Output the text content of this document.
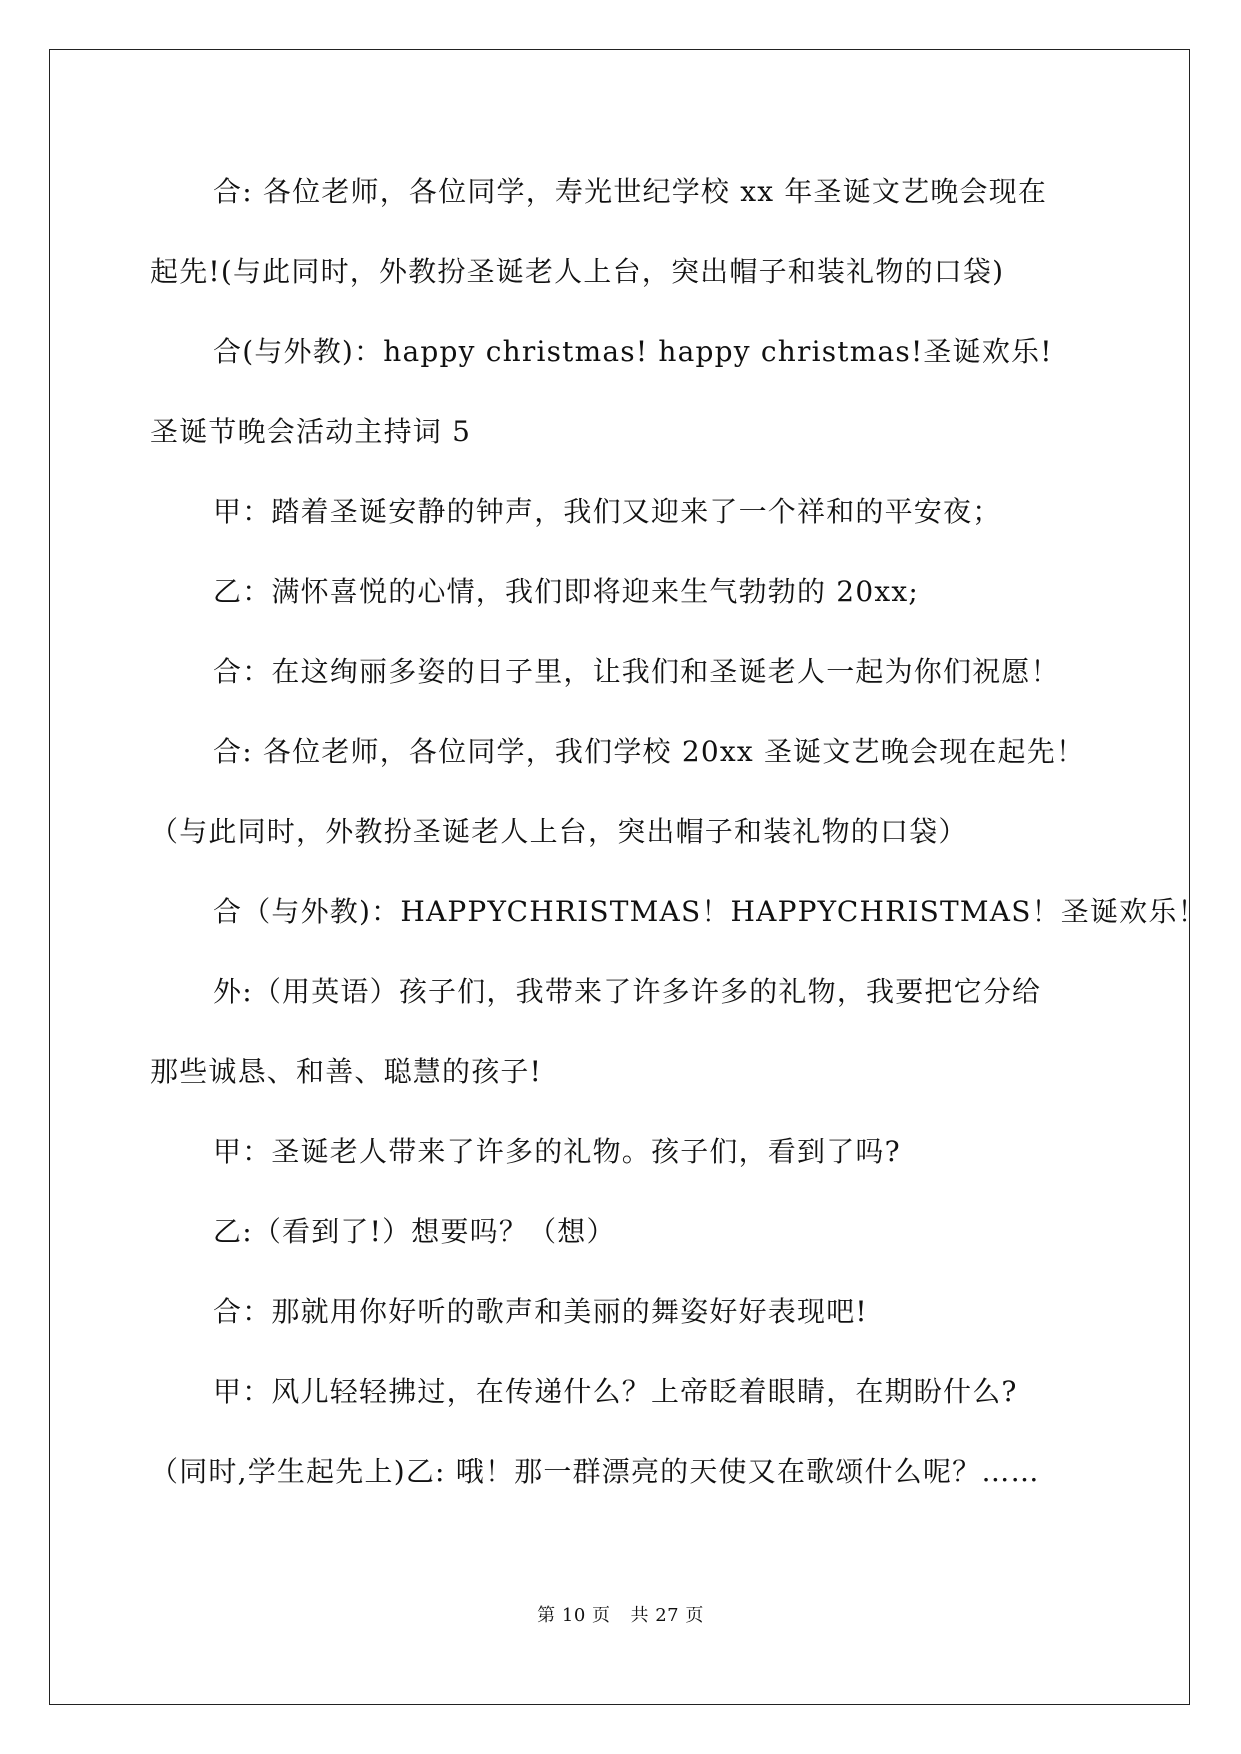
合: 各位老师，各位同学，寿光世纪学校 xx 年圣诞文艺晚会现在

起先!(与此同时，外教扮圣诞老人上台，突出帽子和装礼物的口袋)

合(与外教)：happy christmas! happy christmas!圣诞欢乐!

圣诞节晚会活动主持词 5

甲：踏着圣诞安静的钟声，我们又迎来了一个祥和的平安夜；

乙：满怀喜悦的心情，我们即将迎来生气勃勃的 20xx;

合：在这绚丽多姿的日子里，让我们和圣诞老人一起为你们祝愿！

合: 各位老师，各位同学，我们学校 20xx 圣诞文艺晚会现在起先！

（与此同时，外教扮圣诞老人上台，突出帽子和装礼物的口袋）

合（与外教)：HAPPYCHRISTMAS！HAPPYCHRISTMAS！圣诞欢乐！

外:（用英语）孩子们，我带来了许多许多的礼物，我要把它分给

那些诚恳、和善、聪慧的孩子!

甲：圣诞老人带来了许多的礼物。孩子们，看到了吗?

乙:（看到了!）想要吗？（想）

合：那就用你好听的歌声和美丽的舞姿好好表现吧!

甲：风儿轻轻拂过，在传递什么？上帝眨着眼睛，在期盼什么?

（同时,学生起先上)乙: 哦！那一群漂亮的天使又在歌颂什么呢？……

第 10 页 共 27 页
